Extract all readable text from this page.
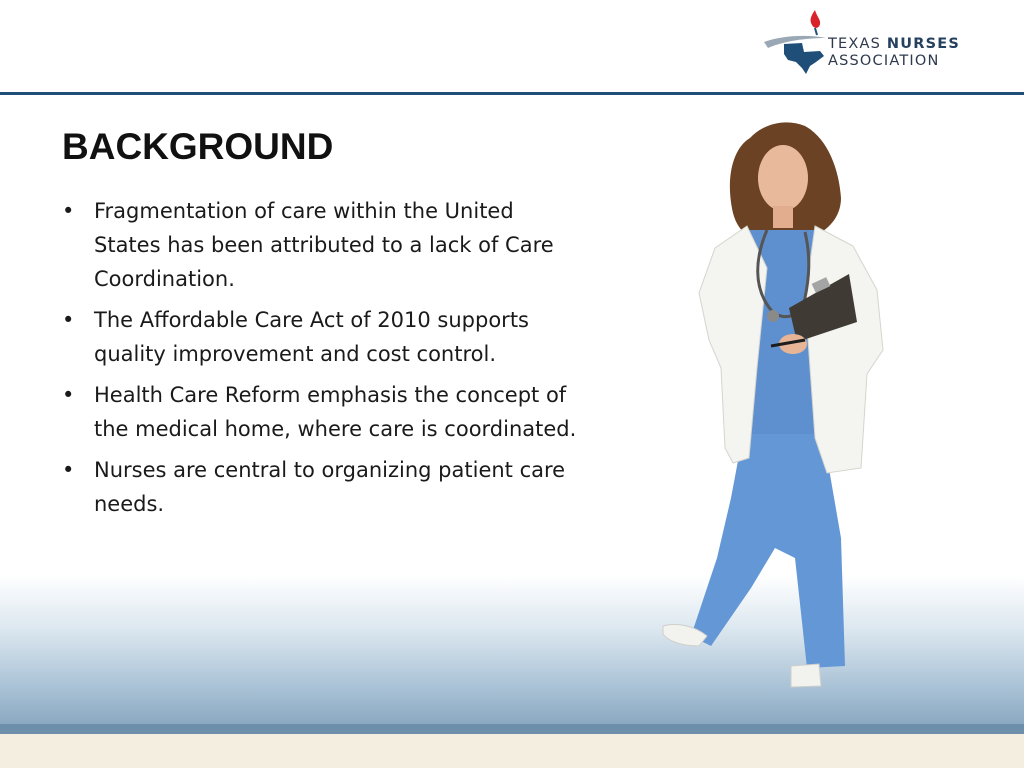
TEXAS NURSES
ASSOCIATION
BACKGROUND
• Fragmentation of care within the United States has been attributed to a lack of Care Coordination.
• The Affordable Care Act of 2010 supports quality improvement and cost control.
• Health Care Reform emphasis the concept of the medical home, where care is coordinated.
• Nurses are central to organizing patient care needs.
